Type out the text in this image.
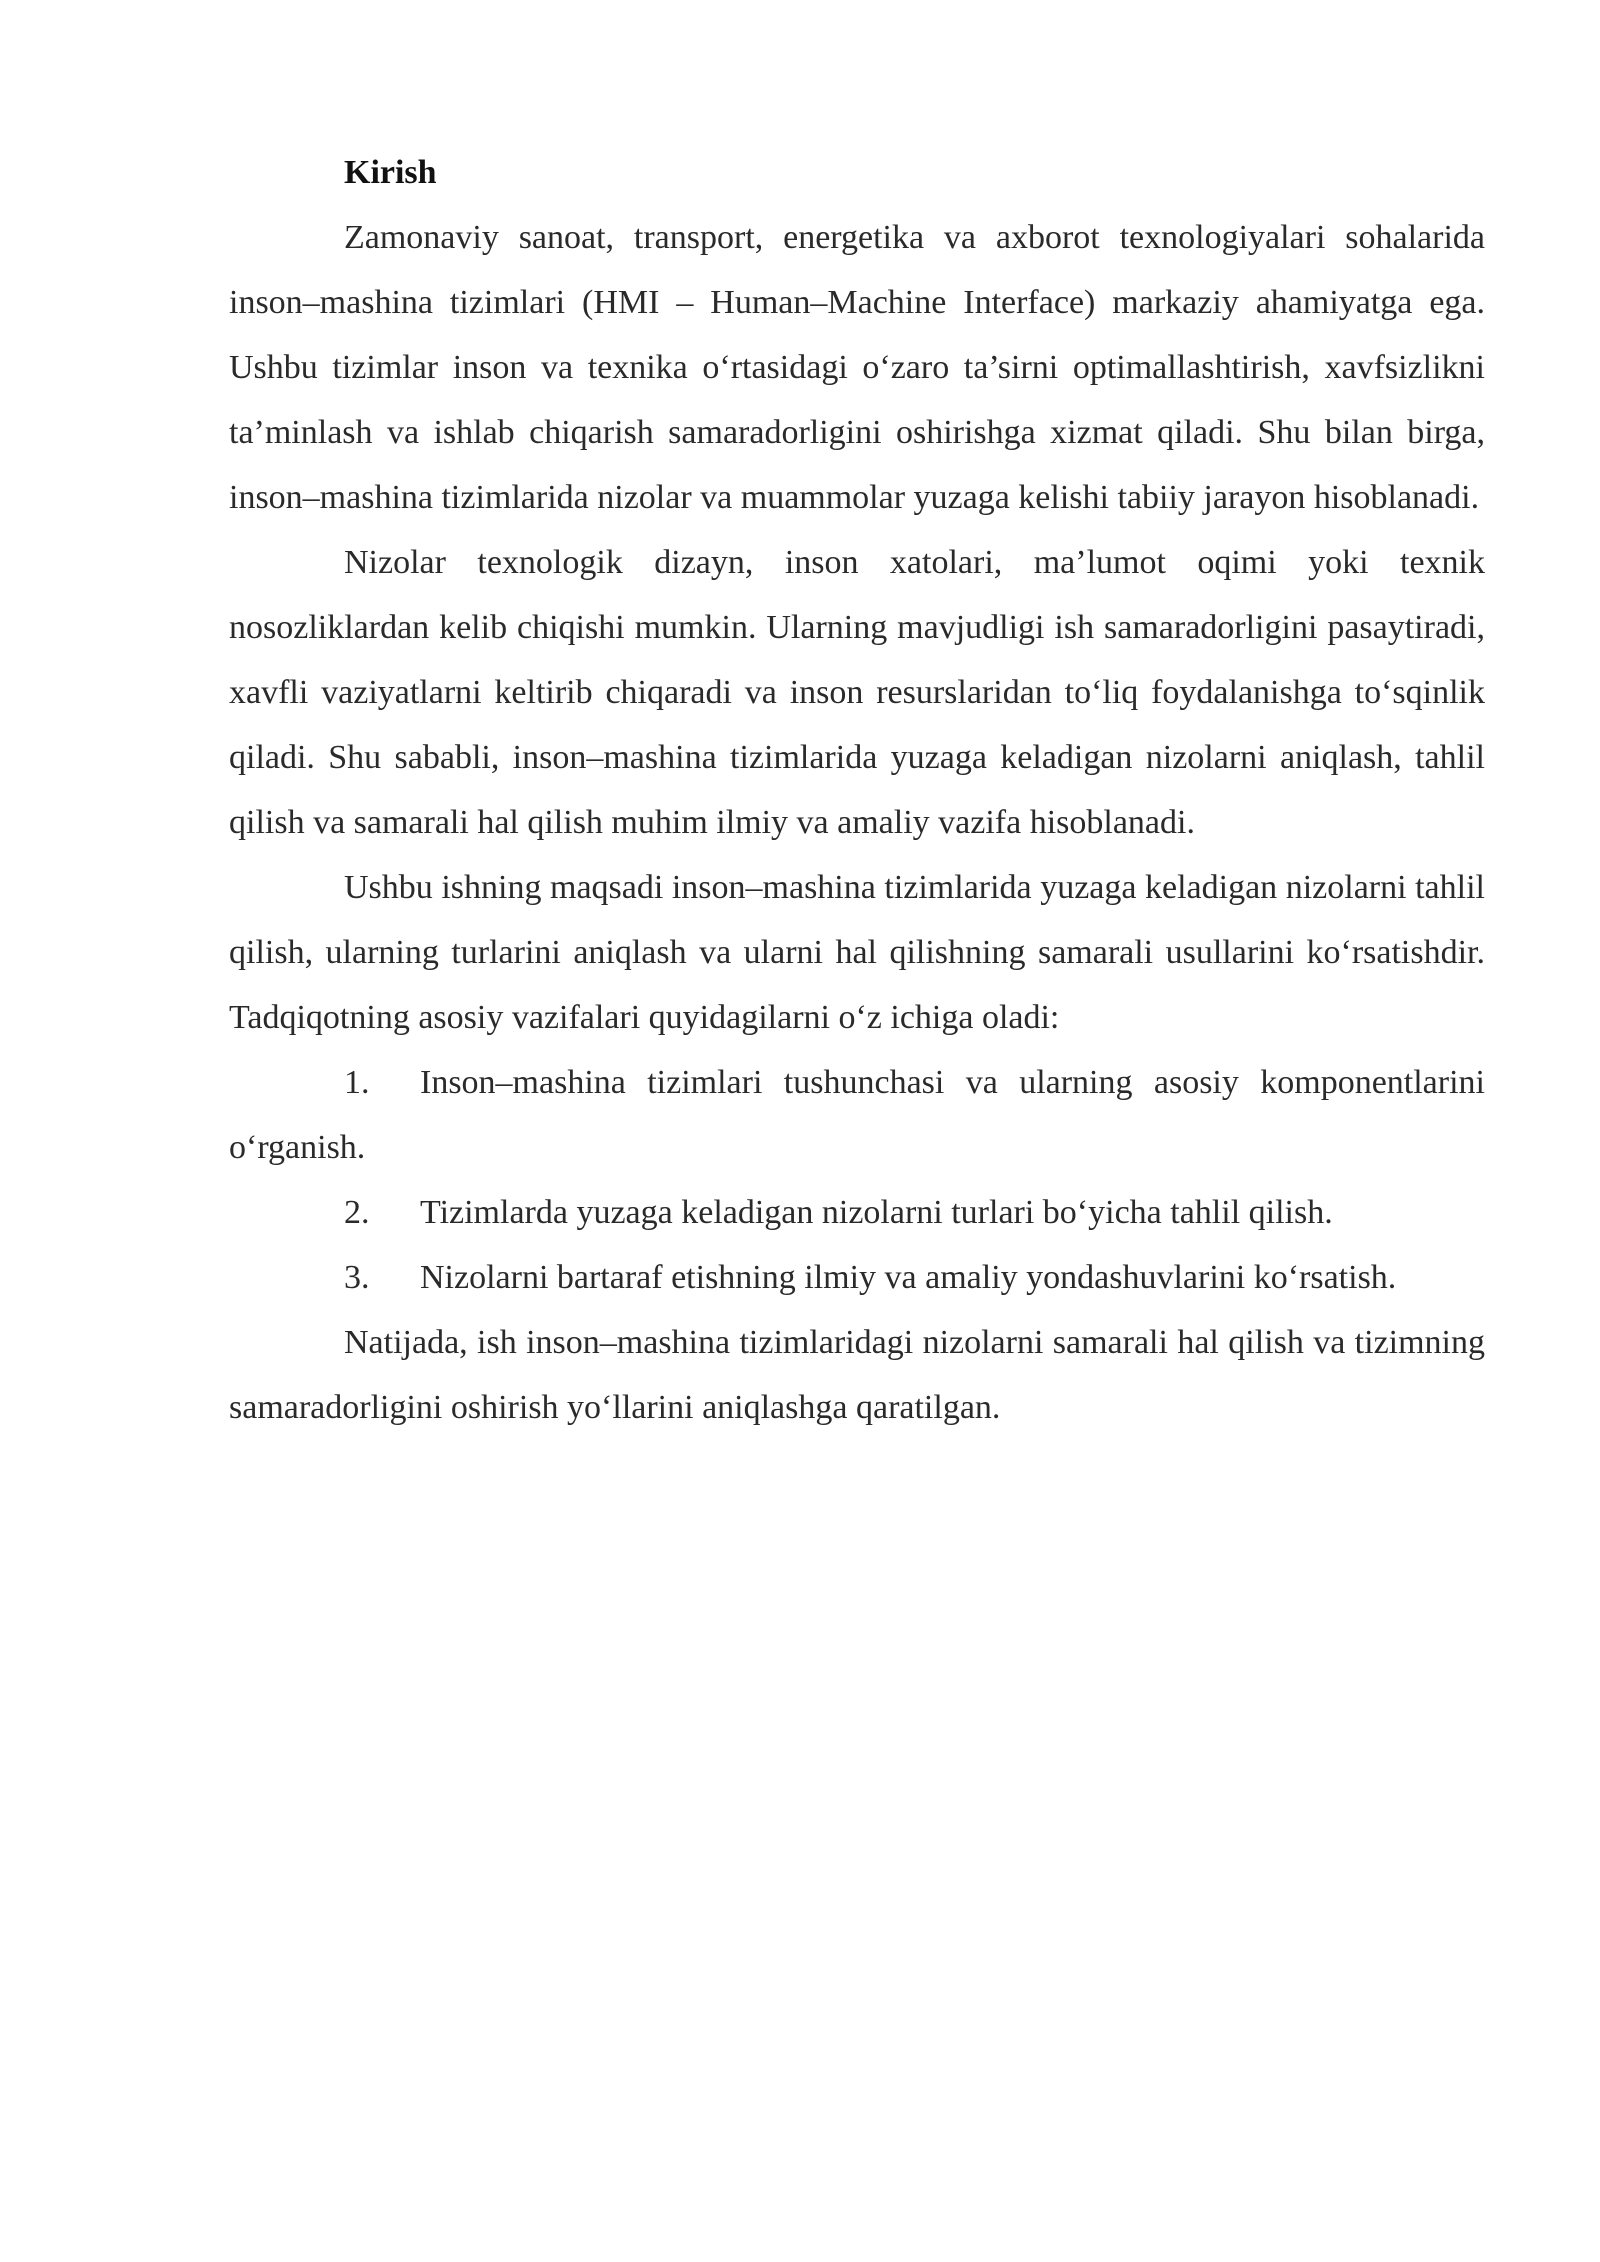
Kirish

Zamonaviy sanoat, transport, energetika va axborot texnologiyalari sohalarida inson–mashina tizimlari (HMI – Human–Machine Interface) markaziy ahamiyatga ega. Ushbu tizimlar inson va texnika o‘rtasidagi o‘zaro ta’sirni optimallashtirish, xavfsizlikni ta’minlash va ishlab chiqarish samaradorligini oshirishga xizmat qiladi. Shu bilan birga, inson–mashina tizimlarida nizolar va muammolar yuzaga kelishi tabiiy jarayon hisoblanadi.

Nizolar texnologik dizayn, inson xatolari, ma’lumot oqimi yoki texnik nosozliklardan kelib chiqishi mumkin. Ularning mavjudligi ish samaradorligini pasaytiradi, xavfli vaziyatlarni keltirib chiqaradi va inson resurslaridan to‘liq foydalanishga to‘sqinlik qiladi. Shu sababli, inson–mashina tizimlarida yuzaga keladigan nizolarni aniqlash, tahlil qilish va samarali hal qilish muhim ilmiy va amaliy vazifa hisoblanadi.

Ushbu ishning maqsadi inson–mashina tizimlarida yuzaga keladigan nizolarni tahlil qilish, ularning turlarini aniqlash va ularni hal qilishning samarali usullarini ko‘rsatishdir. Tadqiqotning asosiy vazifalari quyidagilarni o‘z ichiga oladi:

1. Inson–mashina tizimlari tushunchasi va ularning asosiy komponentlarini o‘rganish.

2. Tizimlarda yuzaga keladigan nizolarni turlari bo‘yicha tahlil qilish.

3. Nizolarni bartaraf etishning ilmiy va amaliy yondashuvlarini ko‘rsatish.

Natijada, ish inson–mashina tizimlaridagi nizolarni samarali hal qilish va tizimning samaradorligini oshirish yo‘llarini aniqlashga qaratilgan.
